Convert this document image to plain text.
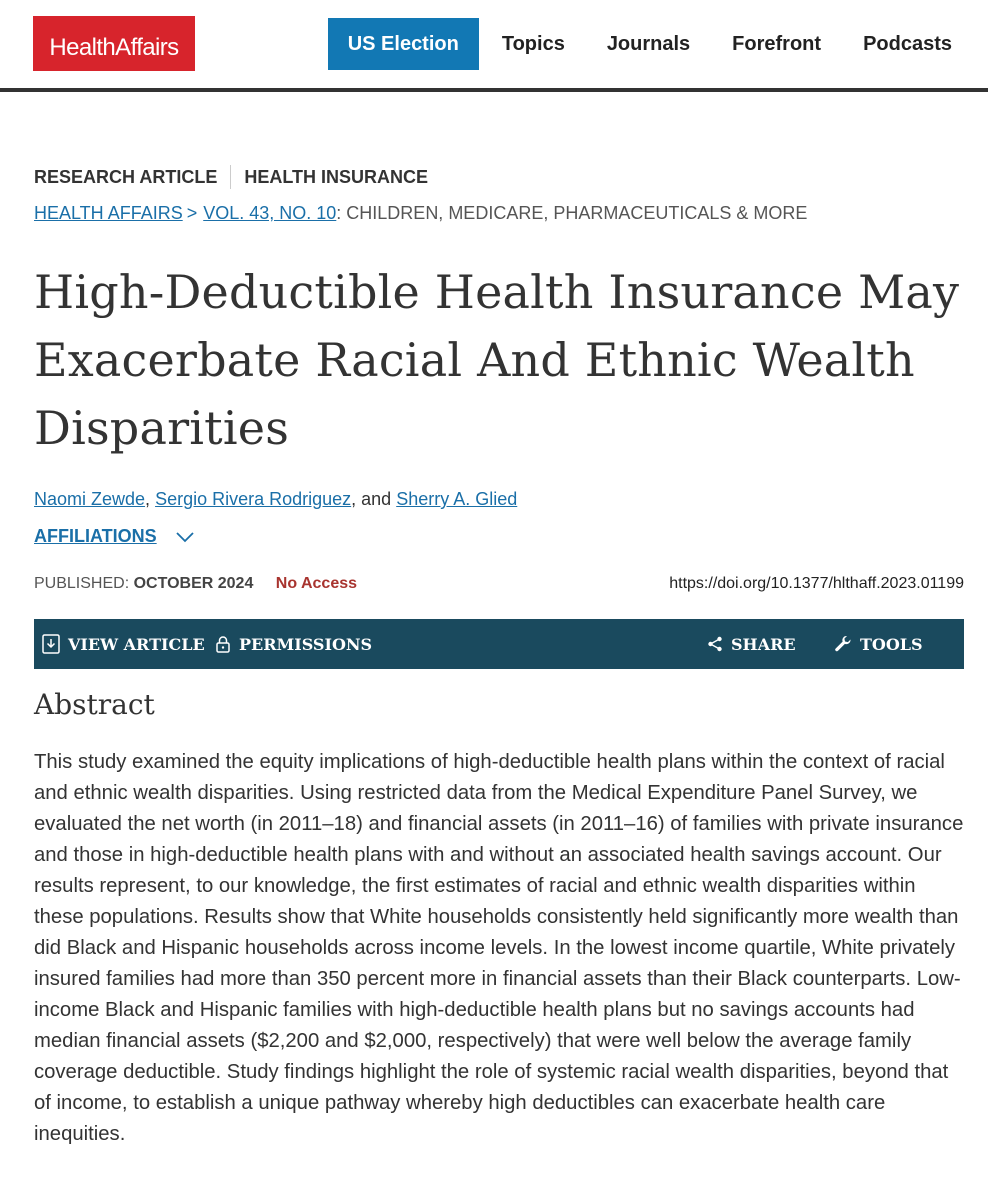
HealthAffairs	US Election	Topics	Journals	Forefront	Podcasts
RESEARCH ARTICLE HEALTH INSURANCE
HEALTH AFFAIRS > VOL. 43, NO. 10: CHILDREN, MEDICARE, PHARMACEUTICALS & MORE
High-Deductible Health Insurance May Exacerbate Racial And Ethnic Wealth Disparities
Naomi Zewde, Sergio Rivera Rodriguez, and Sherry A. Glied
AFFILIATIONS
PUBLISHED: OCTOBER 2024 No Access	https://doi.org/10.1377/hlthaff.2023.01199
VIEW ARTICLE PERMISSIONS	SHARE	TOOLS
Abstract

This study examined the equity implications of high-deductible health plans within the context of racial and ethnic wealth disparities. Using restricted data from the Medical Expenditure Panel Survey, we evaluated the net worth (in 2011–18) and financial assets (in 2011–16) of families with private insurance and those in high-deductible health plans with and without an associated health savings account. Our results represent, to our knowledge, the first estimates of racial and ethnic wealth disparities within these populations. Results show that White households consistently held significantly more wealth than did Black and Hispanic households across income levels. In the lowest income quartile, White privately insured families had more than 350 percent more in financial assets than their Black counterparts. Low-income Black and Hispanic families with high-deductible health plans but no savings accounts had median financial assets ($2,200 and $2,000, respectively) that were well below the average family coverage deductible. Study findings highlight the role of systemic racial wealth disparities, beyond that of income, to establish a unique pathway whereby high deductibles can exacerbate health care inequities.
